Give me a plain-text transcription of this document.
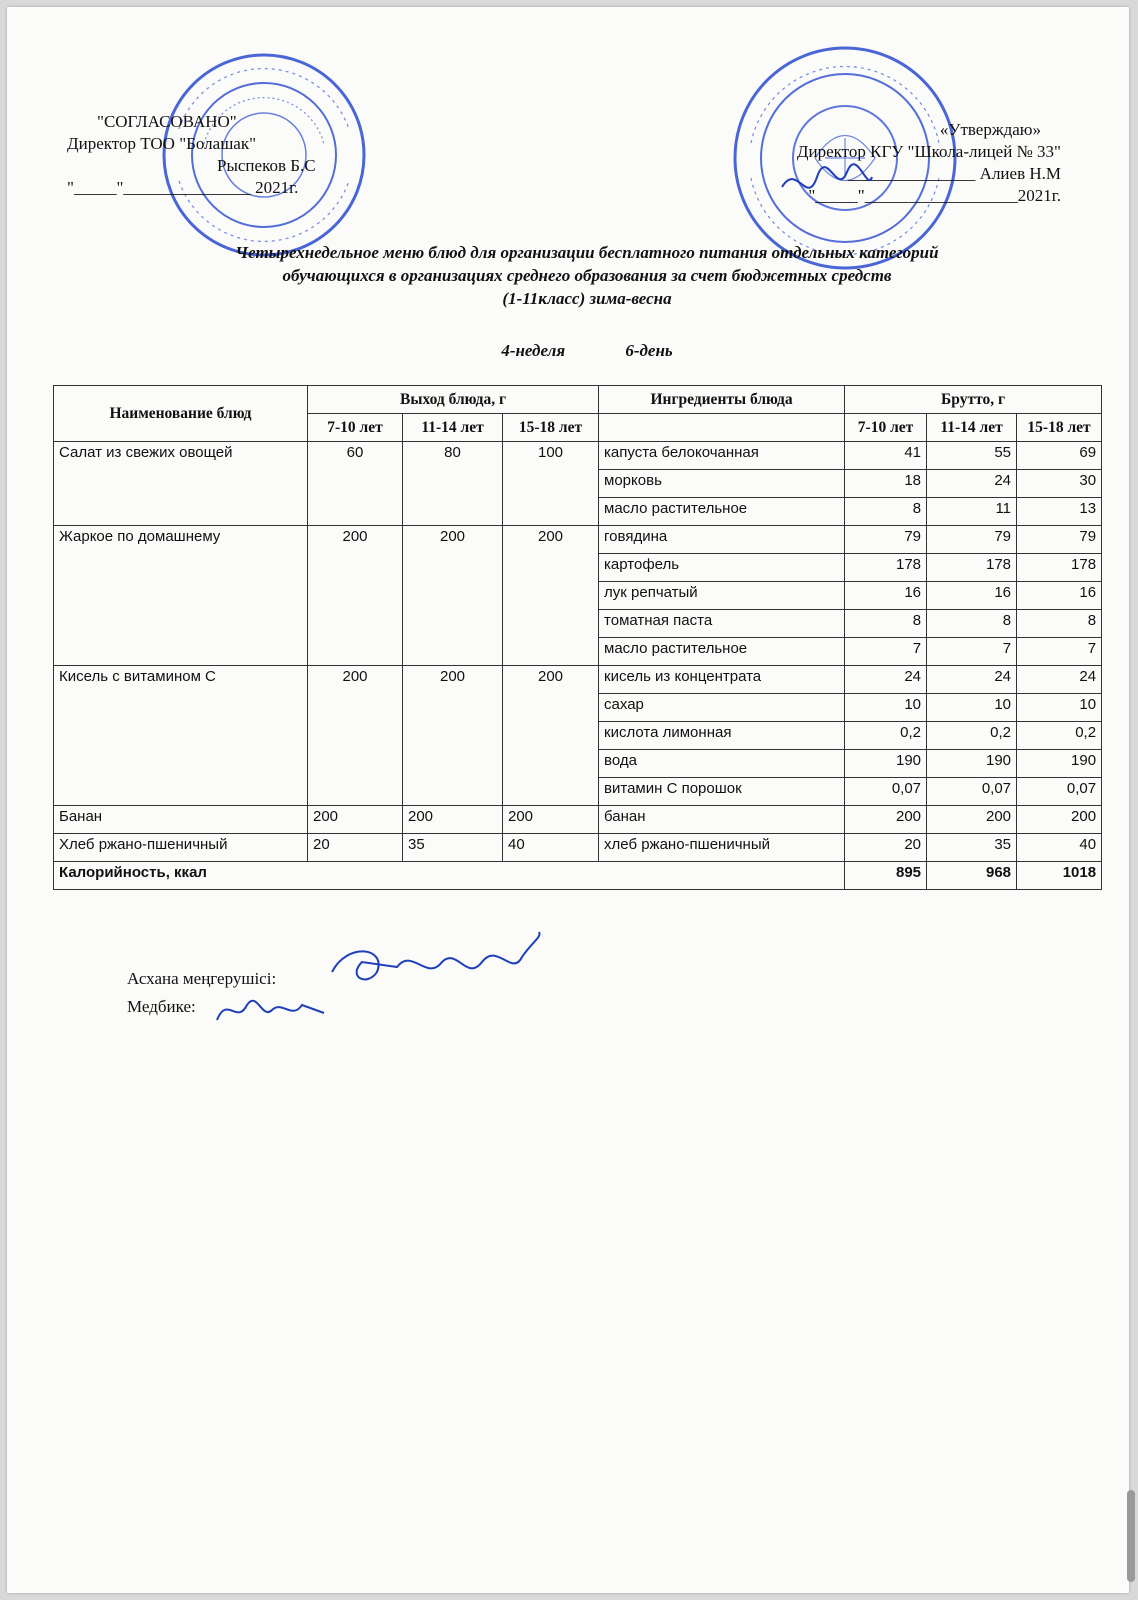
"СОГЛАСОВАНО"
Директор ТОО "Болашак"
Рыспеков Б.С
"_____"_______________ 2021г.
«Утверждаю»
Директор КГУ "Школа-лицей № 33"
_______________ Алиев Н.М
"_____"__________________2021г.
Четырехнедельное меню блюд для организации бесплатного питания отдельных категорий
обучающихся в организациях среднего образования за счет бюджетных средств
(1-11класс) зима-весна
4-неделя	6-день
Наименование блюд	Выход блюда, г			Ингредиенты блюда	Брутто, г		
	7-10 лет	11-14 лет	15-18 лет		7-10 лет	11-14 лет	15-18 лет
Салат из свежих овощей	60	80	100	капуста белокочанная	41	55	69
				морковь	18	24	30
				масло растительное	8	11	13
Жаркое по домашнему	200	200	200	говядина	79	79	79
				картофель	178	178	178
				лук репчатый	16	16	16
				томатная паста	8	8	8
				масло растительное	7	7	7
Кисель с витамином С	200	200	200	кисель из концентрата	24	24	24
				сахар	10	10	10
				кислота лимонная	0,2	0,2	0,2
				вода	190	190	190
				витамин С порошок	0,07	0,07	0,07
Банан	200	200	200	банан	200	200	200
Хлеб ржано-пшеничный	20	35	40	хлеб ржано-пшеничный	20	35	40
Калорийность, ккал					895	968	1018
Асхана меңгерушісі:
Медбике:
